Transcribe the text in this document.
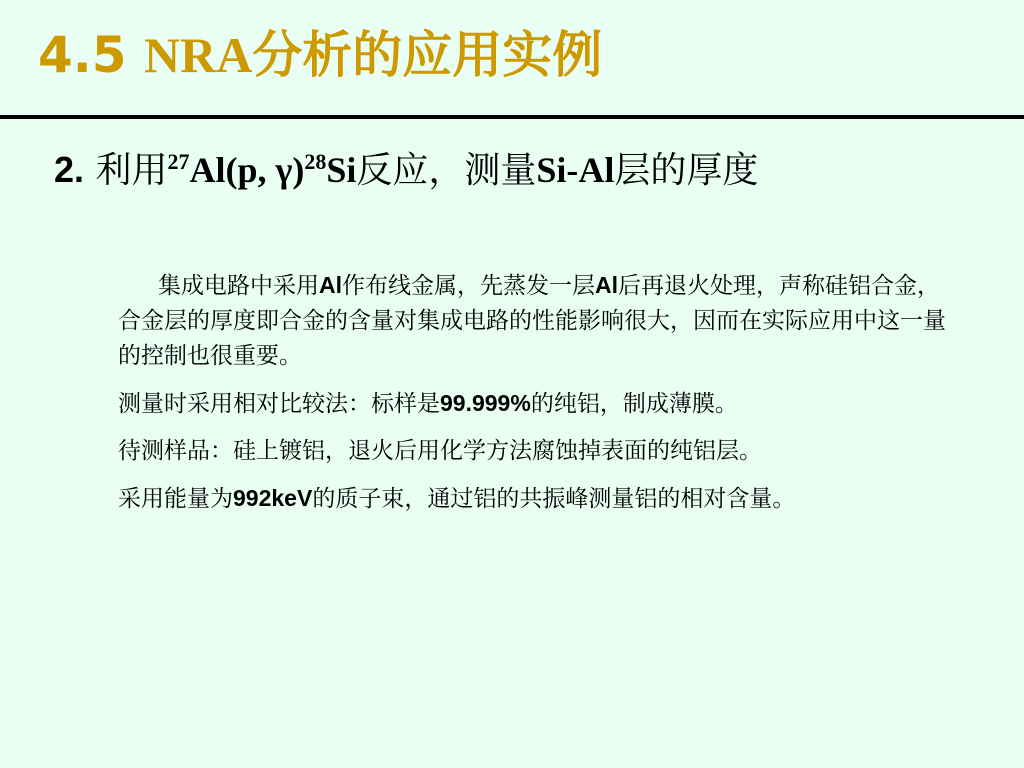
4.5 NRA分析的应用实例
2. 利用$^{27}$Al(p, γ)$^{28}$Si反应，测量Si-Al层的厚度

集成电路中采用Al作布线金属，先蒸发一层Al后再退火处理，声称硅铝合金，合金层的厚度即合金的含量对集成电路的性能影响很大，因而在实际应用中这一量的控制也很重要。

测量时采用相对比较法：标样是99.999%的纯铝，制成薄膜。

待测样品：硅上镀铝，退火后用化学方法腐蚀掉表面的纯铝层。

采用能量为992keV的质子束，通过铝的共振峰测量铝的相对含量。
